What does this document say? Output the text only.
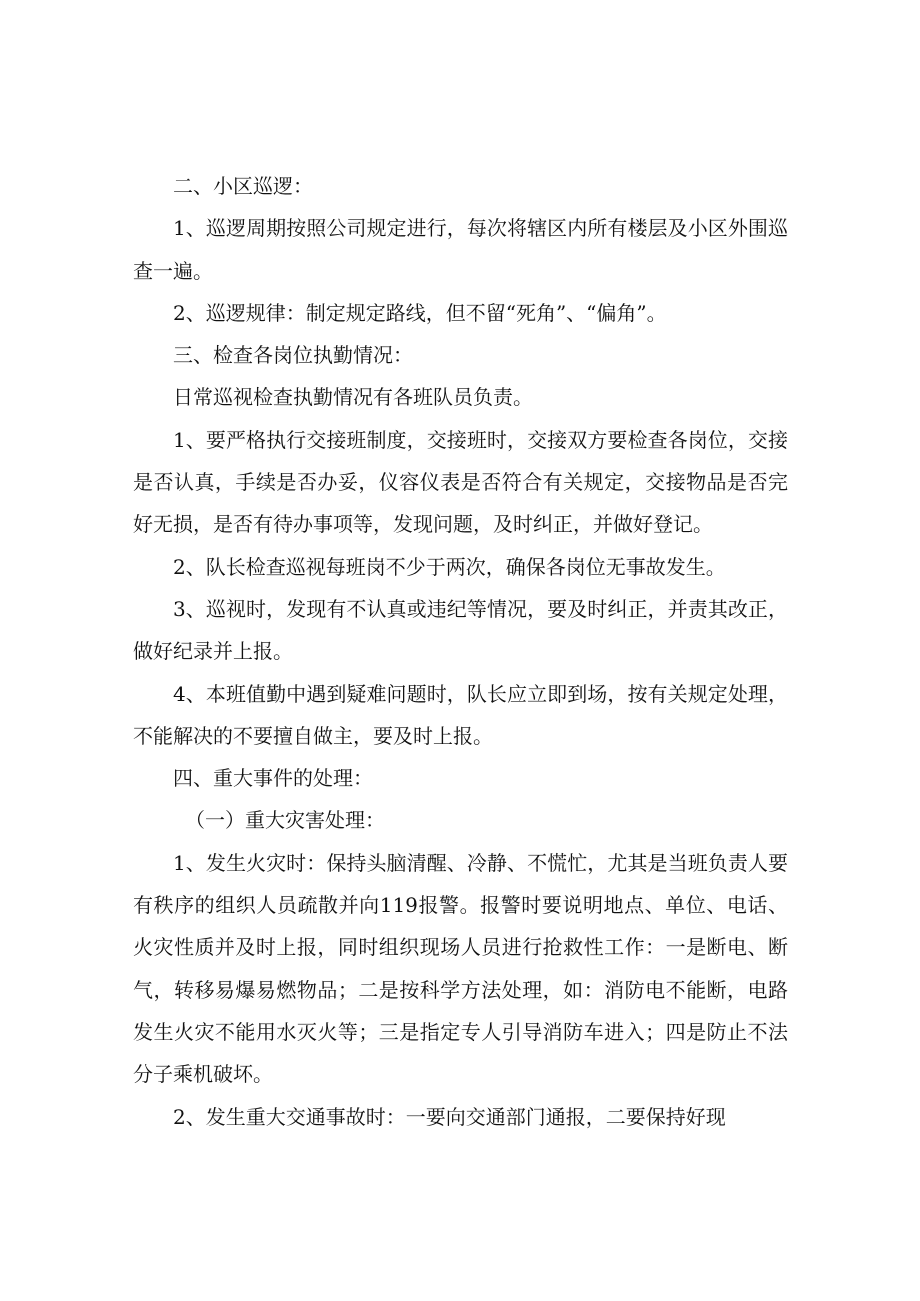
二、小区巡逻：

1、巡逻周期按照公司规定进行，每次将辖区内所有楼层及小区外围巡查一遍。

2、巡逻规律：制定规定路线，但不留“死角”、“偏角”。

三、检查各岗位执勤情况：

日常巡视检查执勤情况有各班队员负责。

1、要严格执行交接班制度，交接班时，交接双方要检查各岗位，交接是否认真，手续是否办妥，仪容仪表是否符合有关规定，交接物品是否完好无损，是否有待办事项等，发现问题，及时纠正，并做好登记。

2、队长检查巡视每班岗不少于两次，确保各岗位无事故发生。

3、巡视时，发现有不认真或违纪等情况，要及时纠正，并责其改正，做好纪录并上报。

4、本班值勤中遇到疑难问题时，队长应立即到场，按有关规定处理，不能解决的不要擅自做主，要及时上报。

四、重大事件的处理：

（一）重大灾害处理：

1、发生火灾时：保持头脑清醒、冷静、不慌忙，尤其是当班负责人要有秩序的组织人员疏散并向119报警。报警时要说明地点、单位、电话、火灾性质并及时上报，同时组织现场人员进行抢救性工作：一是断电、断气，转移易爆易燃物品；二是按科学方法处理，如：消防电不能断，电路发生火灾不能用水灭火等；三是指定专人引导消防车进入；四是防止不法分子乘机破坏。

2、发生重大交通事故时：一要向交通部门通报，二要保持好现
